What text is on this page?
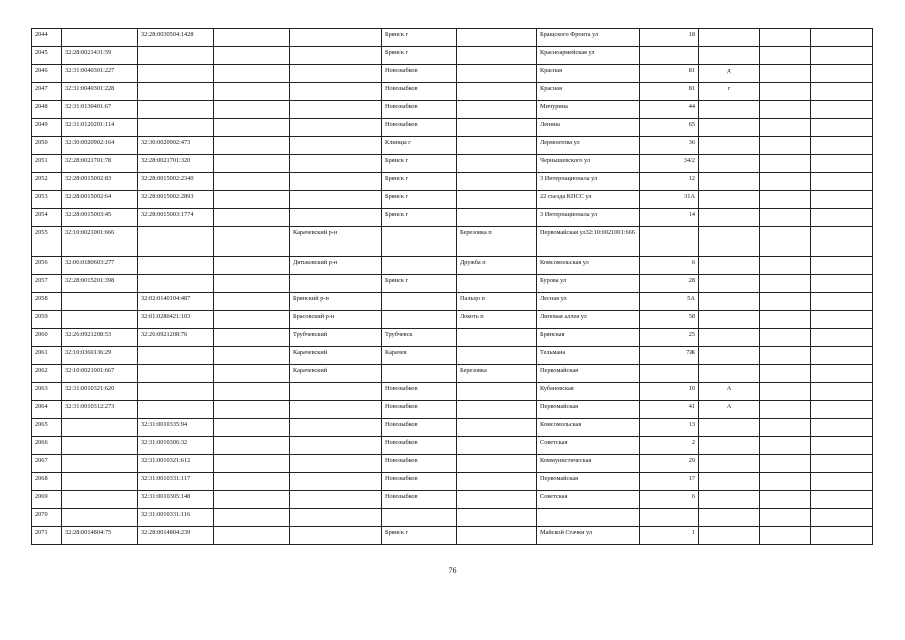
2044		32:28:0030504:1428			Брянск г		Бращского Фронта ул	18			
2045	32:28:0021431:59				Брянск г		Красноармейская ул				
2046	32:31:0040301:227				Новозыбков		Красная	81	д		
2047	32:31:0040301:228				Новозыбков		Красная	81	г		
2048	32:31:0130401:67				Новозыбков		Мичурина	44			
2049	32:31:0120201:114				Новозыбков		Ленина	65			
2050	32:30:0020902:164	32:30:0020902:473			Клинцы г		Лермонтова ул	36			
2051	32:28:0021701:78	32:28:0021701:320			Брянск г		Чернышевского ул	34/2			
2052	32:28:0015002:83	32:28:0015002:2340			Брянск г		3 Интернационала ул	12			
2053	32:28:0015002:64	32:28:0015002:2893			Брянск г		22 съезда КПСС ул	31А			
2054	32:28:0015003:45	32:28:0015003:1774			Брянск г		3 Интернационала ул	14			
2055	32:10:0021001:666			Карачевский р-н		Березовка п	Первомайская ул32:10:0021001:666				
2056	32:06:0180603:277			Дятьковский р-н		Дружба п	Комсомольская ул	6			
2057	32:28:0015201:398				Брянск г		Бурова ул	28			
2058		32:02:0140104:487		Брянский р-н		Пальцо п	Лесная ул	5А			
2059		32:01:0280421:103		Брасовский р-н		Локоть п	Липовая аллея ул	58			
2060	32:26:0921208:53	32:26:0921208:76		Трубчевский	Трубчевск		Брянская	25			
2061	32:10:0360136:29			Карачевский	Карачев		Тельмана	7Ж			
2062	32:10:0021001:667			Карачевский		Березовка	Первомайская				
2063	32:31:0010321:620				Новозыбков		Кубановская	10	А		
2064	32:31:0010312:273				Новозыбков		Первомайская	41	А		
2065		32:31:0010335:94			Новозыбков		Комсомольская	13			
2066		32:31:0010306:32			Новозыбков		Советская	2			
2067		32:31:0010321:612			Новозыбков		Коммунистическая	29			
2068		32:31:0010331:117			Новозыбков		Первомайская	17			
2069		32:31:0010305:148			Новозыбков		Советская	6			
2070		32:31:0010331:116									
2071	32:28:0014804:75	32:28:0014804:239			Брянск г		Майской Стачки ул	1			
76
